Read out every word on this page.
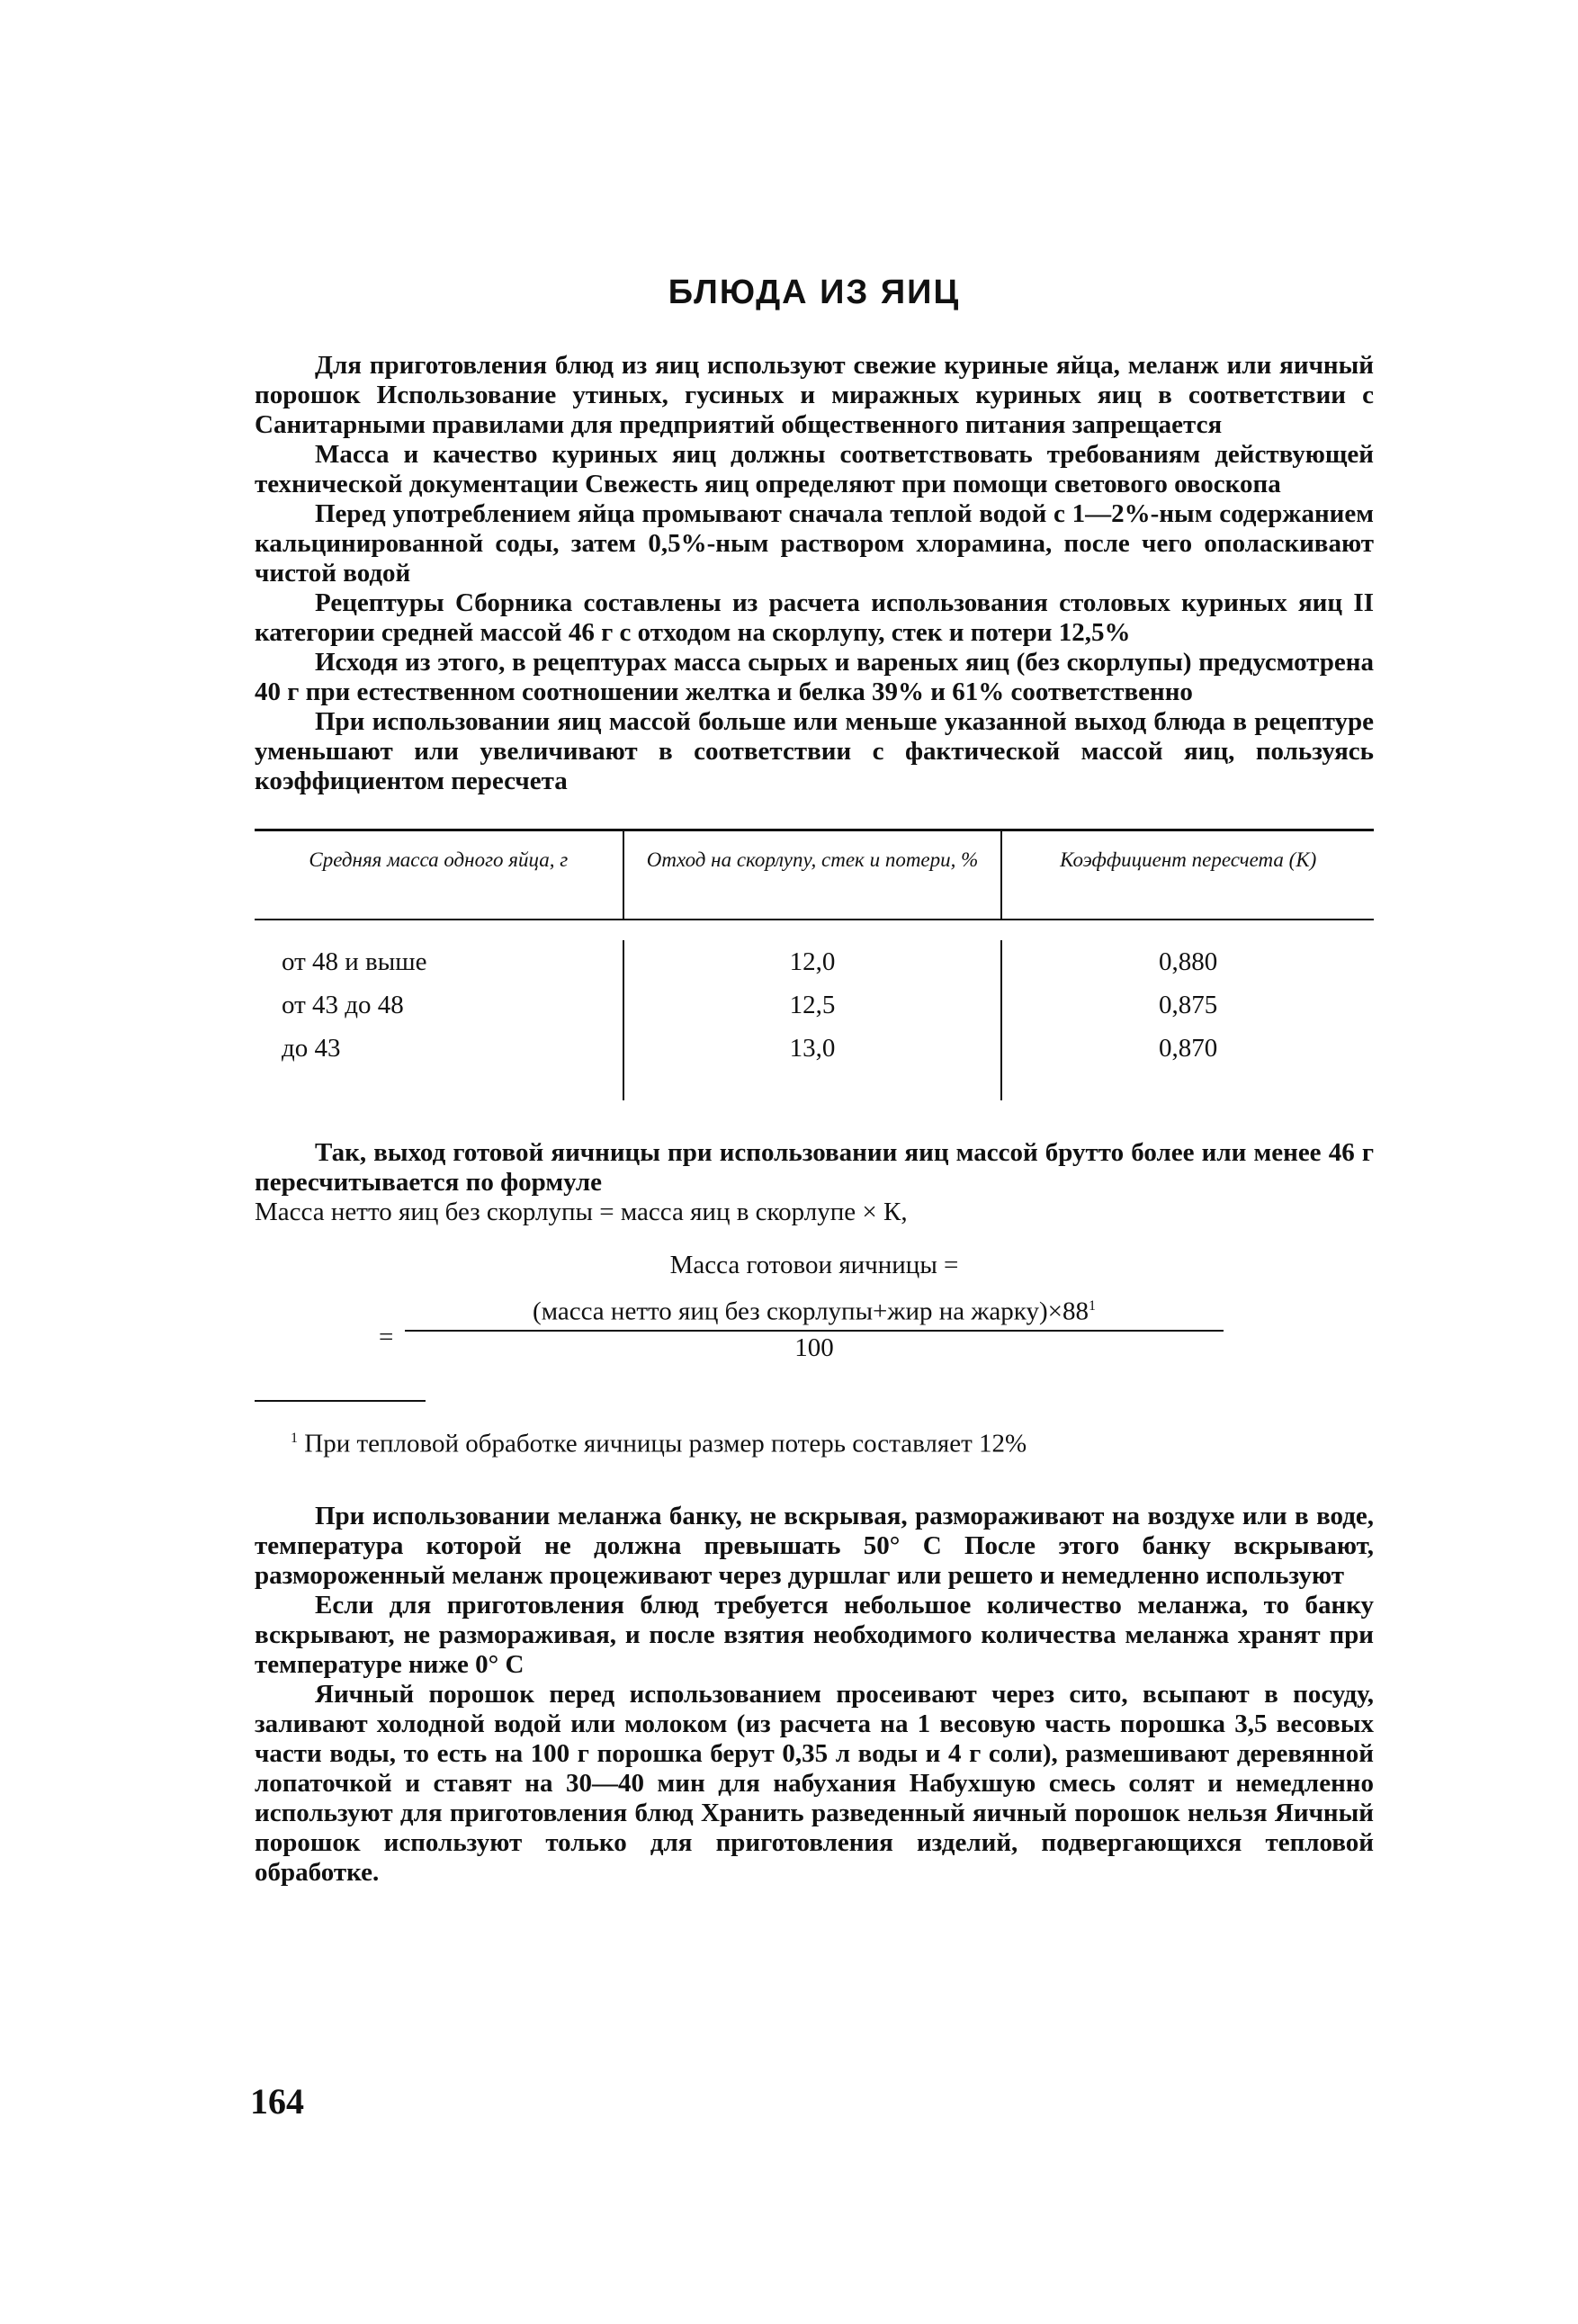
БЛЮДА ИЗ ЯИЦ

Для приготовления блюд из яиц используют свежие куриные яйца, меланж или яичный порошок Использование утиных, гусиных и миражных куриных яиц в соответствии с Санитарными правилами для предприятий общественного питания запрещается

Масса и качество куриных яиц должны соответствовать требованиям действующей технической документации Свежесть яиц определяют при помощи светового овоскопа

Перед употреблением яйца промывают сначала теплой водой с 1—2%-ным содержанием кальцинированной соды, затем 0,5%-ным раствором хлорамина, после чего ополаскивают чистой водой

Рецептуры Сборника составлены из расчета использования столовых куриных яиц II категории средней массой 46 г с отходом на скорлупу, стек и потери 12,5%

Исходя из этого, в рецептурах масса сырых и вареных яиц (без скорлупы) предусмотрена 40 г при естественном соотношении желтка и белка 39% и 61% соответственно

При использовании яиц массой больше или меньше указанной выход блюда в рецептуре уменьшают или увеличивают в соответствии с фактической массой яиц, пользуясь коэффициентом пересчета

Средняя масса одного яйца, г	Отход на скорлупу, стек и потери, %	Коэффициент пересчета (К)
от 48 и выше
от 43 до 48
до 43
12,0
12,5
13,0
0,880
0,875
0,870

Так, выход готовой яичницы при использовании яиц массой брутто более или менее 46 г пересчитывается по формуле

Масса нетто яиц без скорлупы = масса яиц в скорлупе × К,

Масса готовои яичницы =
= $\frac{(масса нетто яиц без скорлупы+жир на жарку)\times 88^1}{100}$
$^1$ При тепловой обработке яичницы размер потерь составляет 12%

При использовании меланжа банку, не вскрывая, размораживают на воздухе или в воде, температура которой не должна превышать 50° С После этого банку вскрывают, размороженный меланж процеживают через дуршлаг или решето и немедленно используют

Если для приготовления блюд требуется небольшое количество меланжа, то банку вскрывают, не размораживая, и после взятия необходимого количества меланжа хранят при температуре ниже 0° С

Яичный порошок перед использованием просеивают через сито, всыпают в посуду, заливают холодной водой или молоком (из расчета на 1 весовую часть порошка 3,5 весовых части воды, то есть на 100 г порошка берут 0,35 л воды и 4 г соли), размешивают деревянной лопаточкой и ставят на 30—40 мин для набухания Набухшую смесь солят и немедленно используют для приготовления блюд Хранить разведенный яичный порошок нельзя Яичный порошок используют только для приготовления изделий, подвергающихся тепловой обработке.

164
